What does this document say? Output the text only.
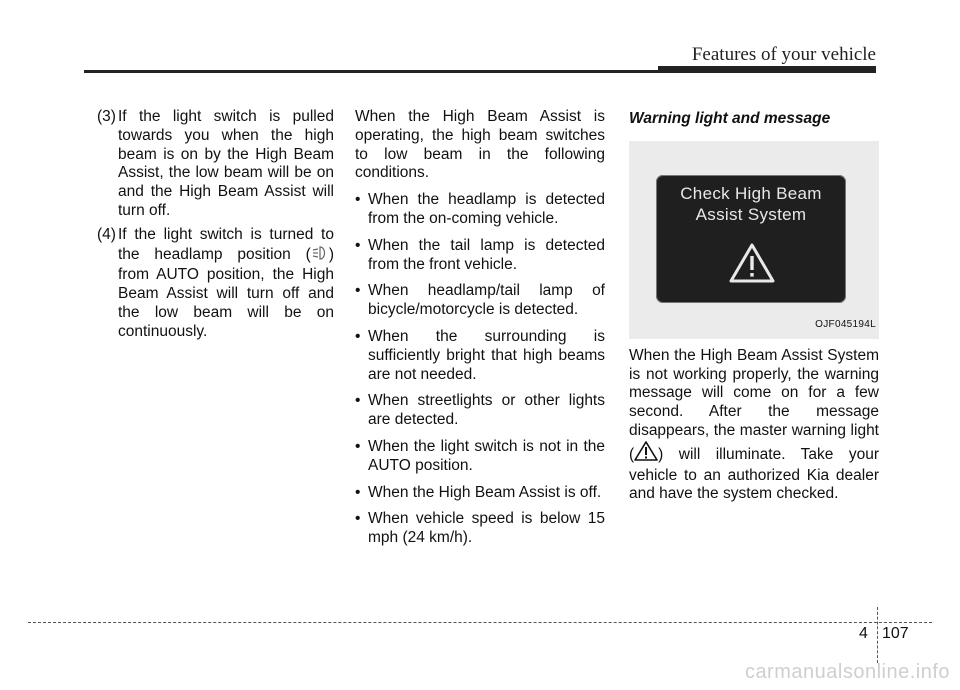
Features of your vehicle
(3) If the light switch is pulled towards you when the high beam is on by the High Beam Assist, the low beam will be on and the High Beam Assist will turn off.
(4) If the light switch is turned to the headlamp position ( ) from AUTO position, the High Beam Assist will turn off and the low beam will be on continuously.

When the High Beam Assist is operating, the high beam switches to low beam in the following conditions.

• When the headlamp is detected from the on-coming vehicle.
• When the tail lamp is detected from the front vehicle.
• When headlamp/tail lamp of bicycle/motorcycle is detected.
• When the surrounding is sufficiently bright that high beams are not needed.
• When streetlights or other lights are detected.
• When the light switch is not in the AUTO position.
• When the High Beam Assist is off.
• When vehicle speed is below 15 mph (24 km/h).
Warning light and message
Check High Beam
Assist System
OJF045194L
When the High Beam Assist System is not working properly, the warning message will come on for a few second. After the message disappears, the master warning light ( ) will illuminate. Take your vehicle to an authorized Kia dealer and have the system checked.
4 107
carmanualsonline.info
